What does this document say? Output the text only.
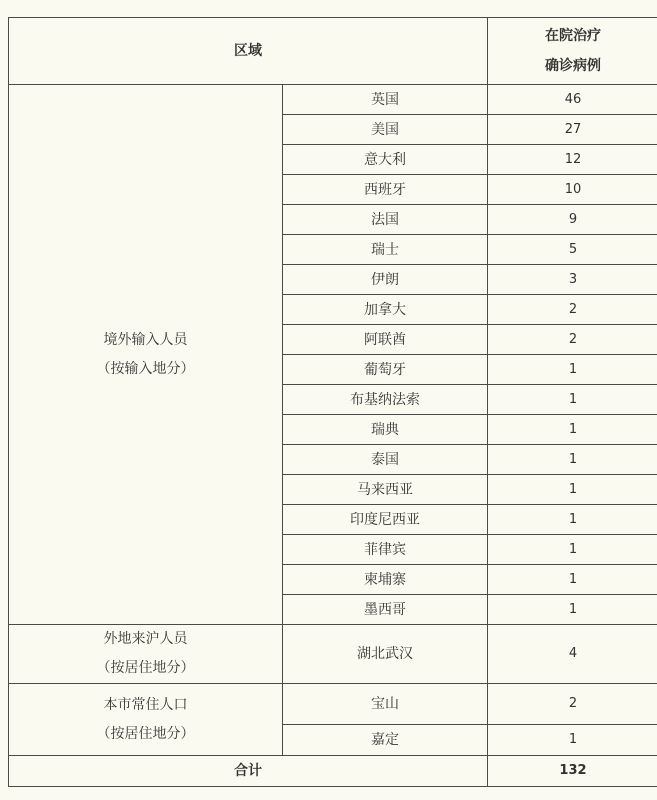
区域		在院治疗
确诊病例

境外输入人员
（按输入地分）	英国	46
	美国	27
	意大利	12
	西班牙	10
	法国	9
	瑞士	5
	伊朗	3
	加拿大	2
	阿联酋	2
	葡萄牙	1
	布基纳法索	1
	瑞典	1
	泰国	1
	马来西亚	1
	印度尼西亚	1
	菲律宾	1
	柬埔寨	1
	墨西哥	1

外地来沪人员
（按居住地分）	湖北武汉	4

本市常住人口
（按居住地分）	宝山	2
	嘉定	1
合计		132
